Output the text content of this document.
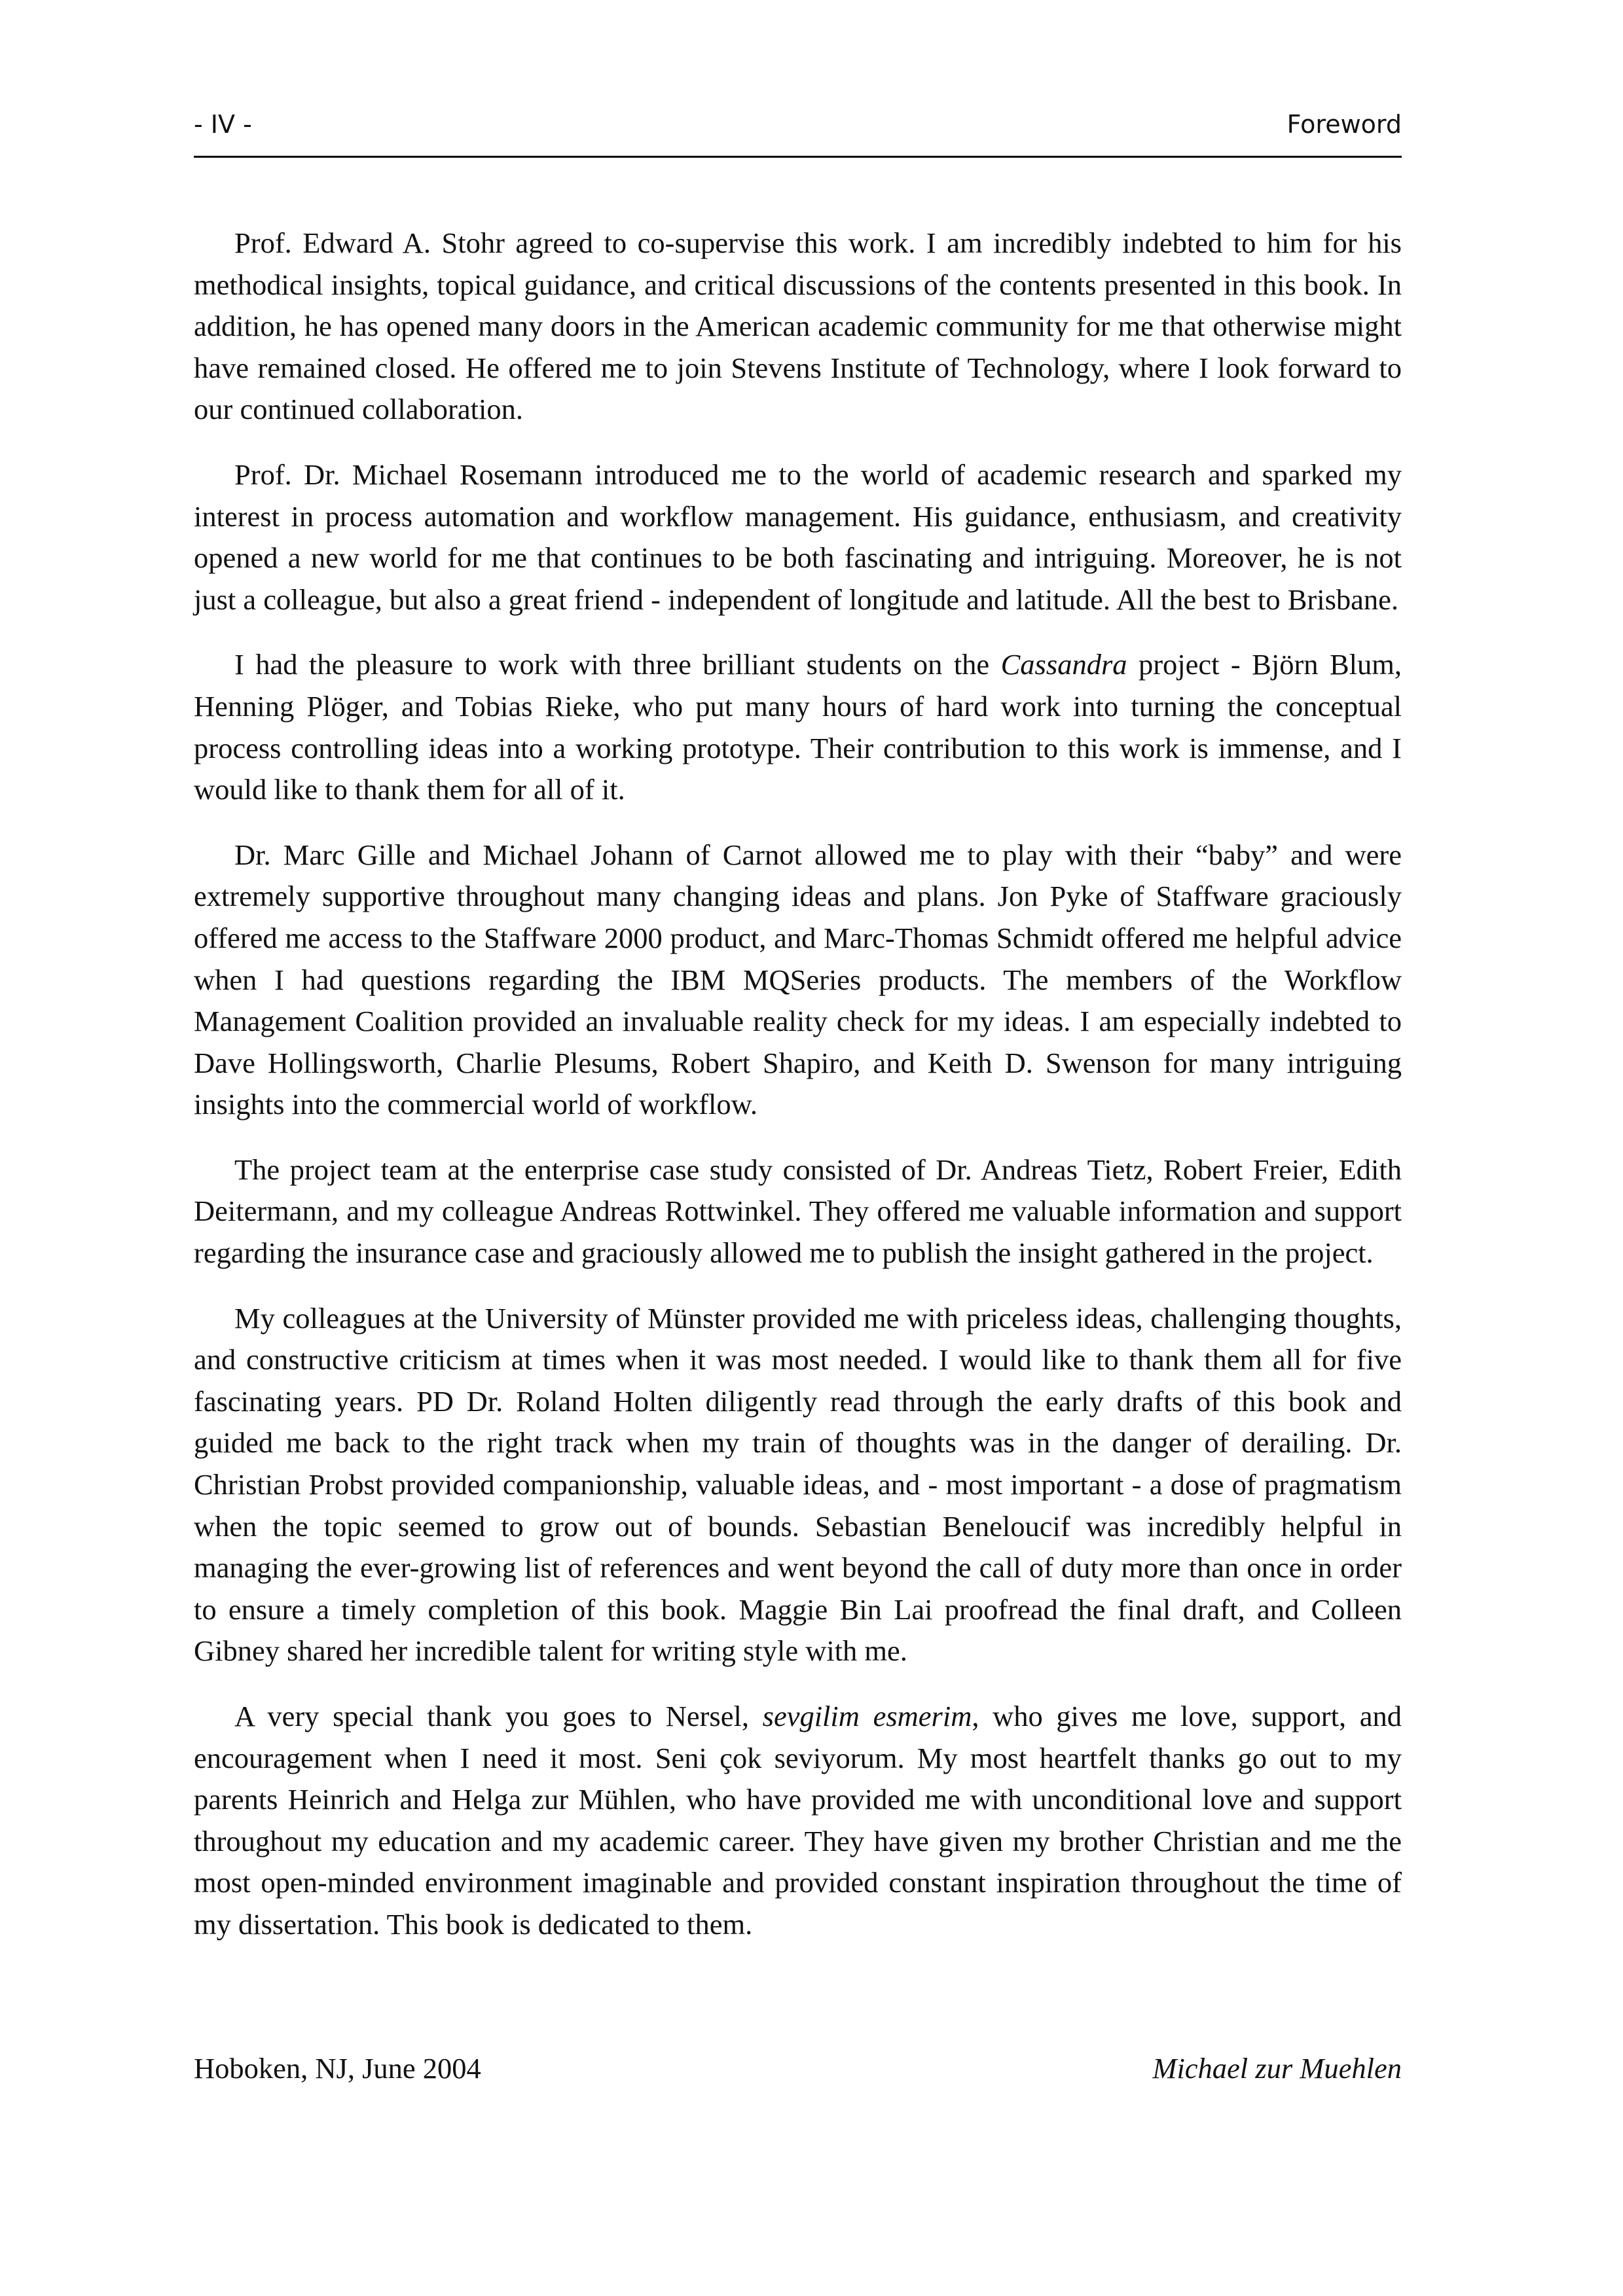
- IV -	Foreword

Prof. Edward A. Stohr agreed to co-supervise this work. I am incredibly indebted to him for his methodical insights, topical guidance, and critical discussions of the contents presented in this book. In addition, he has opened many doors in the American academic community for me that otherwise might have remained closed. He offered me to join Stevens Institute of Technology, where I look forward to our continued collaboration.

Prof. Dr. Michael Rosemann introduced me to the world of academic research and sparked my interest in process automation and workflow management. His guidance, enthusiasm, and creativity opened a new world for me that continues to be both fascinating and intriguing. Moreover, he is not just a colleague, but also a great friend - independent of longitude and latitude. All the best to Brisbane.

I had the pleasure to work with three brilliant students on the Cassandra project - Björn Blum, Henning Plöger, and Tobias Rieke, who put many hours of hard work into turning the conceptual process controlling ideas into a working prototype. Their contribution to this work is immense, and I would like to thank them for all of it.

Dr. Marc Gille and Michael Johann of Carnot allowed me to play with their “baby” and were extremely supportive throughout many changing ideas and plans. Jon Pyke of Staffware graciously offered me access to the Staffware 2000 product, and Marc-Thomas Schmidt offered me helpful advice when I had questions regarding the IBM MQSeries products. The members of the Workflow Management Coalition provided an invaluable reality check for my ideas. I am especially indebted to Dave Hollingsworth, Charlie Plesums, Robert Shapiro, and Keith D. Swenson for many intriguing insights into the commercial world of workflow.

The project team at the enterprise case study consisted of Dr. Andreas Tietz, Robert Freier, Edith Deitermann, and my colleague Andreas Rottwinkel. They offered me valuable information and support regarding the insurance case and graciously allowed me to publish the insight gathered in the project.

My colleagues at the University of Münster provided me with priceless ideas, challenging thoughts, and constructive criticism at times when it was most needed. I would like to thank them all for five fascinating years. PD Dr. Roland Holten diligently read through the early drafts of this book and guided me back to the right track when my train of thoughts was in the danger of derailing. Dr. Christian Probst provided companionship, valuable ideas, and - most important - a dose of pragmatism when the topic seemed to grow out of bounds. Sebastian Beneloucif was incredibly helpful in managing the ever-growing list of references and went beyond the call of duty more than once in order to ensure a timely completion of this book. Maggie Bin Lai proofread the final draft, and Colleen Gibney shared her incredible talent for writing style with me.

A very special thank you goes to Nersel, sevgilim esmerim, who gives me love, support, and encouragement when I need it most. Seni çok seviyorum. My most heartfelt thanks go out to my parents Heinrich and Helga zur Mühlen, who have provided me with unconditional love and support throughout my education and my academic career. They have given my brother Christian and me the most open-minded environment imaginable and provided constant inspiration throughout the time of my dissertation. This book is dedicated to them.

Hoboken, NJ, June 2004	Michael zur Muehlen
